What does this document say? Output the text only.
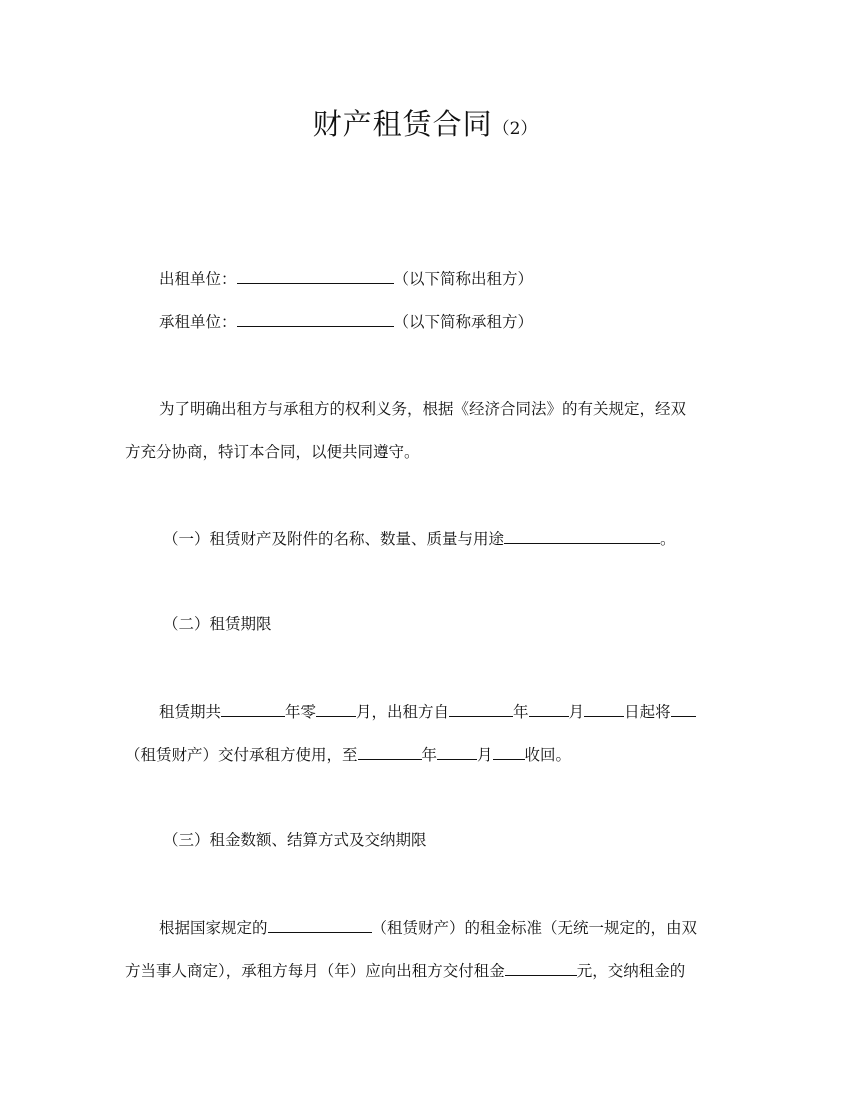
财产租赁合同（2）
出租单位：	（以下简称出租方）
承租单位：	（以下简称承租方）
为了明确出租方与承租方的权利义务，根据《经济合同法》的有关规定，经双
方充分协商，特订本合同，以便共同遵守。
（一）租赁财产及附件的名称、数量、质量与用途	。
（二）租赁期限
租赁期共	年零	月，出租方自	年	月	日起将
（租赁财产）交付承租方使用，至	年	月 收回。
（三）租金数额、结算方式及交纳期限
根据国家规定的	（租赁财产）的租金标准（无统一规定的，由双
方当事人商定），承租方每月（年）应向出租方交付租金	元，交纳租金的
